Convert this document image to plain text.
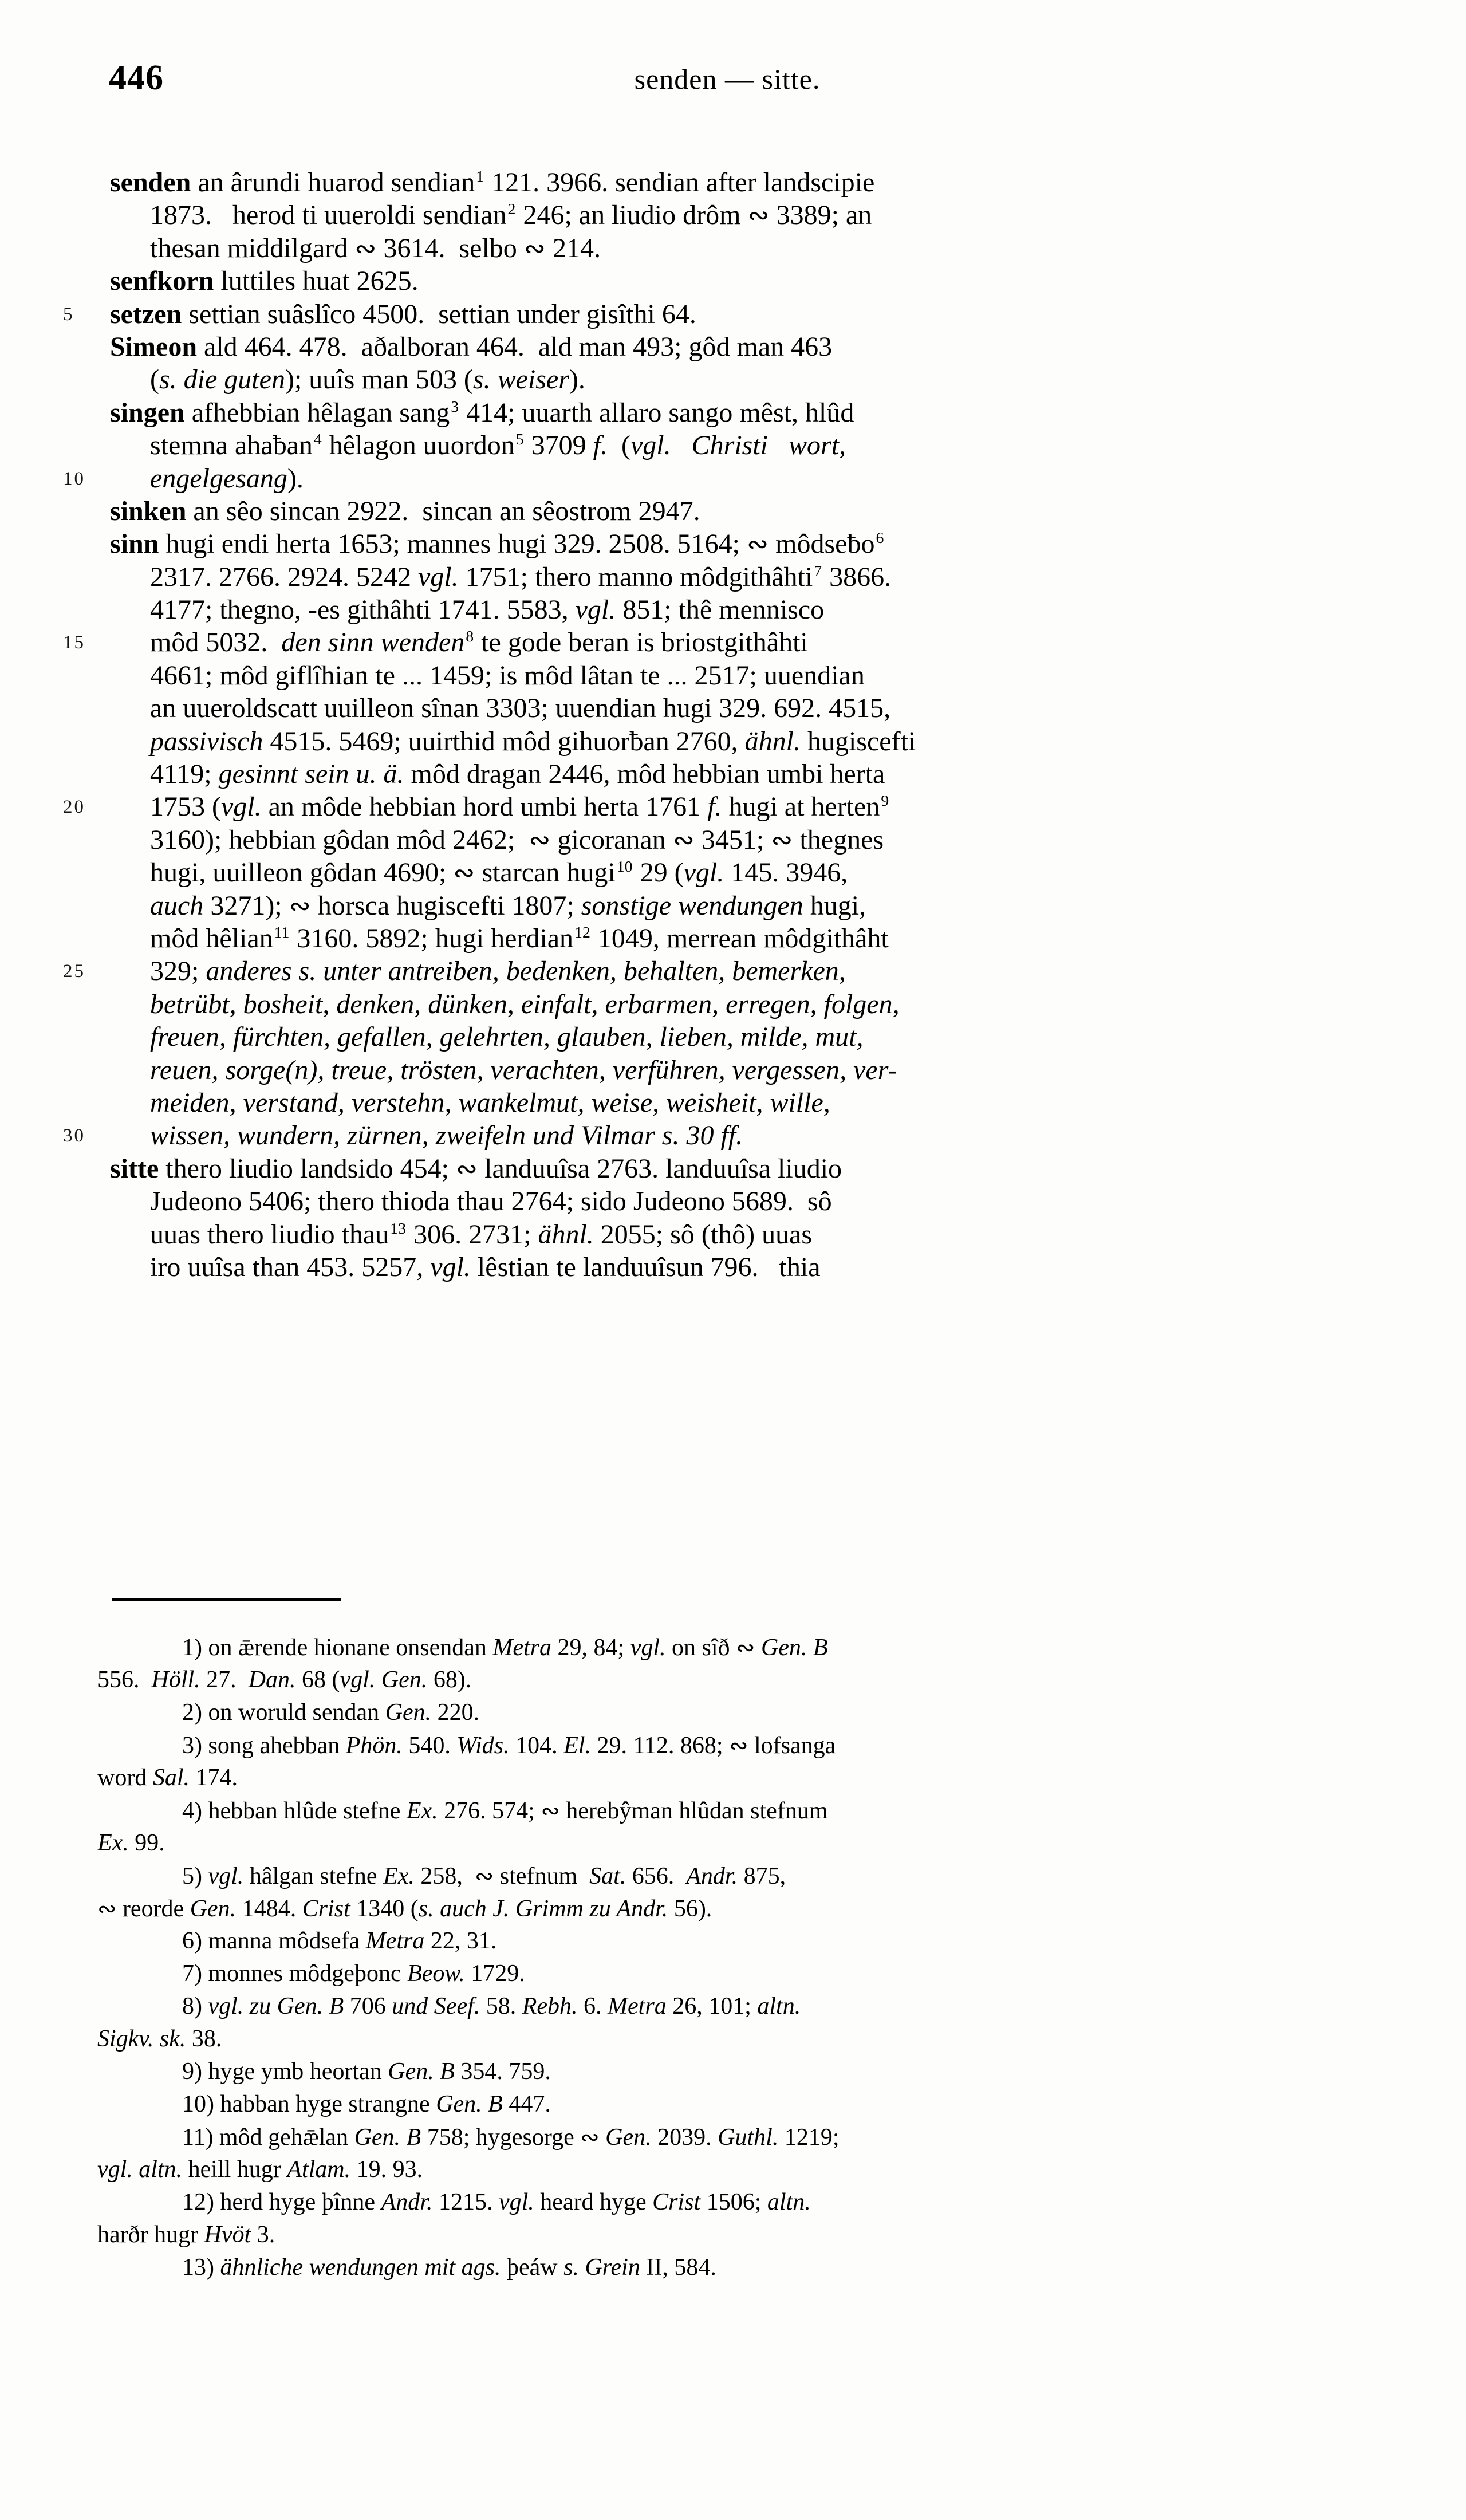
446	senden — sitte.
senden an ârundi huarod sendian$^1$ 121. 3966. sendian after landscipie
1873.   herod ti uueroldi sendian$^2$ 246; an liudio drôm ∾ 3389; an
thesan middilgard ∾ 3614.  selbo ∾ 214.
senfkorn luttiles huat 2625.
5 setzen settian suâslîco 4500.  settian under gisîthi 64.
Simeon ald 464. 478.  aðalboran 464.  ald man 493; gôd man 463
(s. die guten); uuîs man 503 (s. weiser).
singen afhebbian hêlagan sang$^3$ 414; uuarth allaro sango mêst, hlûd
stemna ahaƀan$^4$ hêlagon uuordon$^5$ 3709 f.  (vgl.   Christi   wort,
10 engelgesang).
sinken an sêo sincan 2922.  sincan an sêostrom 2947.
sinn hugi endi herta 1653; mannes hugi 329. 2508. 5164; ∾ môdseƀo$^6$
2317. 2766. 2924. 5242 vgl. 1751; thero manno môdgithâhti$^7$ 3866.
4177; thegno, -es githâhti 1741. 5583, vgl. 851; thê mennisco
15 môd 5032.  den sinn wenden$^8$ te gode beran is briostgithâhti
4661; môd giflîhian te ... 1459; is môd lâtan te ... 2517; uuendian
an uueroldscatt uuilleon sînan 3303; uuendian hugi 329. 692. 4515,
passivisch 4515. 5469; uuirthid môd gihuorƀan 2760, ähnl. hugiscefti
4119; gesinnt sein u. ä. môd dragan 2446, môd hebbian umbi herta
20 1753 (vgl. an môde hebbian hord umbi herta 1761 f. hugi at herten$^9$
3160); hebbian gôdan môd 2462;  ∾ gicoranan ∾ 3451; ∾ thegnes
hugi, uuilleon gôdan 4690; ∾ starcan hugi$^{10}$ 29 (vgl. 145. 3946,
auch 3271); ∾ horsca hugiscefti 1807; sonstige wendungen hugi,
môd hêlian$^{11}$ 3160. 5892; hugi herdian$^{12}$ 1049, merrean môdgithâht
25 329; anderes s. unter antreiben, bedenken, behalten, bemerken,
betrübt, bosheit, denken, dünken, einfalt, erbarmen, erregen, folgen,
freuen, fürchten, gefallen, gelehrten, glauben, lieben, milde, mut,
reuen, sorge(n), treue, trösten, verachten, verführen, vergessen, ver-
meiden, verstand, verstehn, wankelmut, weise, weisheit, wille,
30 wissen, wundern, zürnen, zweifeln und Vilmar s. 30 ff.
sitte thero liudio landsido 454; ∾ landuuîsa 2763. landuuîsa liudio
Judeono 5406; thero thioda thau 2764; sido Judeono 5689.  sô
uuas thero liudio thau$^{13}$ 306. 2731; ähnl. 2055; sô (thô) uuas
iro uuîsa than 453. 5257, vgl. lêstian te landuuîsun 796.   thia
1) on ǣrende hionane onsendan Metra 29, 84; vgl. on sîð ∾ Gen. B
556.  Höll. 27.  Dan. 68 (vgl. Gen. 68).
2) on woruld sendan Gen. 220.
3) song ahebban Phön. 540. Wids. 104. El. 29. 112. 868; ∾ lofsanga
word Sal. 174.
4) hebban hlûde stefne Ex. 276. 574; ∾ herebŷman hlûdan stefnum
Ex. 99.
5) vgl. hâlgan stefne Ex. 258,  ∾ stefnum  Sat. 656.  Andr. 875,
∾ reorde Gen. 1484. Crist 1340 (s. auch J. Grimm zu Andr. 56).
6) manna môdsefa Metra 22, 31.
7) monnes môdgeþonc Beow. 1729.
8) vgl. zu Gen. B 706 und Seef. 58. Rebh. 6. Metra 26, 101; altn.
Sigkv. sk. 38.
9) hyge ymb heortan Gen. B 354. 759.
10) habban hyge strangne Gen. B 447.
11) môd gehǣlan Gen. B 758; hygesorge ∾ Gen. 2039. Guthl. 1219;
vgl. altn. heill hugr Atlam. 19. 93.
12) herd hyge þînne Andr. 1215. vgl. heard hyge Crist 1506; altn.
harðr hugr Hvöt 3.
13) ähnliche wendungen mit ags. þeáw s. Grein II, 584.
